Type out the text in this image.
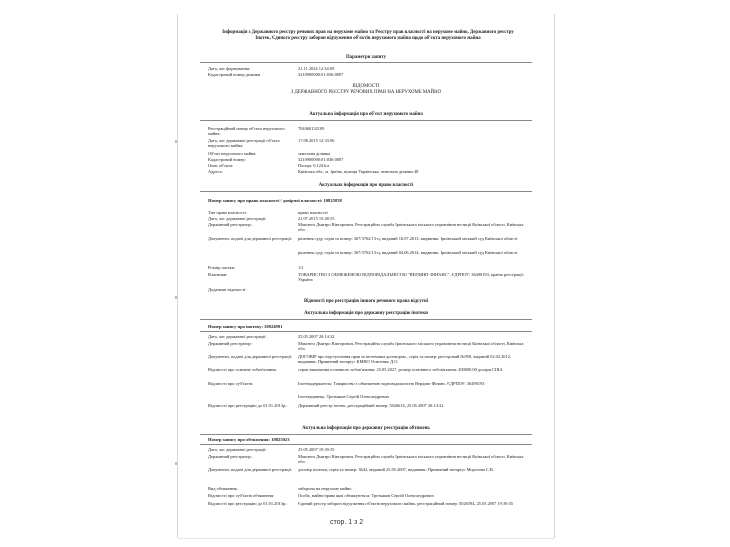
Інформація з Державного реєстру речових прав на нерухоме майно та Реєстру прав власності на нерухоме майно, Державного реєстру Іпотек, Єдиного реєстру заборон відчуження об'єктів нерухомого майна щодо об'єкта нерухомого майна
Параметри запиту
Дата, час формування:	21.11.2024 12:34:09
Кадастровий номер ділянки	3210900000:01:036:0007
ВІДОМОСТІ
З ДЕРЖАВНОГО РЕЄСТРУ РЕЧОВИХ ПРАВ НА НЕРУХОМЕ МАЙНО
Актуальна інформація про об'єкт нерухомого майна
Реєстраційний номер об'єкта нерухомого майна:
704460132109
Дата, час державної реєстрації об'єкта нерухомого майна:
17.08.2015 12:33:06
Об'єкт нерухомого майна:	земельна ділянка
Кадастровий номер:	3210900000:01:036:0007
Опис об'єкта:	Площа: 0.1241га
Адреса:	Київська обл., м. Ірпінь, вулиця Українська, земельна ділянка 48
Актуальна інформація про право власності
Номер запису про право власності / довірчої власності: 10825838
Тип права власності:	право власності
Дата, час державної реєстрації:	21.07.2015 15:48:53
Державний реєстратор:	Максюта Дмитро Вікторович, Реєстраційна служба Ірпінського міського управління юстиції Київської області, Київська обл.
Документи, подані для державної реєстрації:	рішення суду, серія та номер: 367/3762/13-ц, виданий 16.07.2013, видавник: Ірпінський міський суд Київської області
рішення суду, серія та номер: 367/3762/13-ц, виданий 04.06.2014, видавник: Ірпінський міський суд Київської області
Розмір частки:	1/1
Власники:	ТОВАРИСТВО З ОБМЕЖЕНОЮ ВІДПОВІДАЛЬНІСТЮ "ВЕРДИКТ ФІНАНС", ЄДРПОУ: 36490193, країна реєстрації: Україна
Додаткові відомості:
Відомості про реєстрацію іншого речового права відсутні
Актуальна інформація про державну реєстрацію іпотеки
Номер запису про іпотеку: 10824991
Дата, час державної реєстрації:	25.05.2007 20:14:32
Державний реєстратор:	Максюта Дмитро Вікторович, Реєстраційна служба Ірпінського міського управління юстиції Київської області, Київська обл.
Документи, подані для державної реєстрації:	ДОГОВІР про відступлення прав за іпотечним договором , серія та номер: реєстровий №950, виданий 02.02.2012, видавник: Приватний нотаріус КМНО Осипенко Д.О.
Відомості про основне зобов'язання:	строк виконання основного зобов'язання: 25.05.2027, розмір основного зобов'язання: 200000.00 долари США
Відомості про суб'єктів:	Іпотекодержатель: Товариство з обмеженою відповідальністю Вердикт Фінанс, ЄДРПОУ: 36490193
Іпотекодавець: Третьяков Сергій Олександрович
Відомості про реєстрацію до 01.01.2013р.:	Державний реєстр іпотек, реєстраційний номер: 5026616, 25.05.2007 20:14:32
Актуальна інформація про державну реєстрацію обтяжень
Номер запису про обтяження: 10825023
Дата, час державної реєстрації:	25.05.2007 19:39:35
Державний реєстратор:	Максюта Дмитро Вікторович, Реєстраційна служба Ірпінського міського управління юстиції Київської області, Київська обл.
Документи, подані для державної реєстрації:	договір іпотеки, серія та номер: 3642, виданий 25.05.2007, видавник: Приватний нотаріус Морозова С.В.
Вид обтяження:	заборона на нерухоме майно
Відомості про суб'єктів обтяження:	Особа, майно/права якої обтяжуються: Третьяков Сергій Олександрович
Відомості про реєстрацію до 01.01.2013р.:	Єдиний реєстр заборон відчуження об'єктів нерухомого майна, реєстраційний номер: 5026594, 25.05.2007 19:39:35
стор. 1 з 2
